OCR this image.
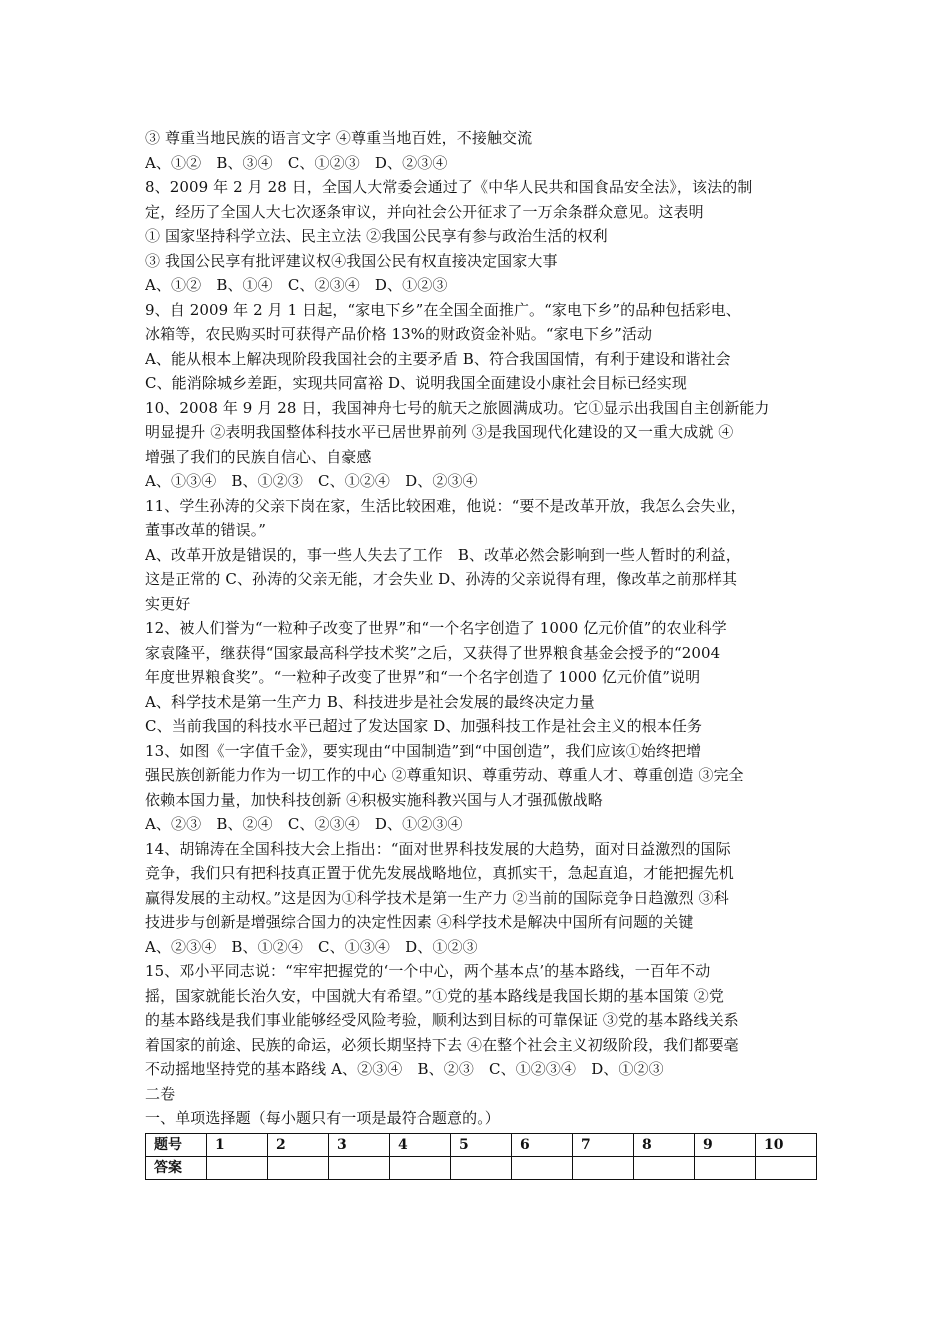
③ 尊重当地民族的语言文字 ④尊重当地百姓，不接触交流
A、①②　B、③④　C、①②③　D、②③④
8、2009 年 2 月 28 日，全国人大常委会通过了《中华人民共和国食品安全法》，该法的制
定，经历了全国人大七次逐条审议，并向社会公开征求了一万余条群众意见。这表明
① 国家坚持科学立法、民主立法 ②我国公民享有参与政治生活的权利
③ 我国公民享有批评建议权④我国公民有权直接决定国家大事
A、①②　B、①④　C、②③④　D、①②③
9、自 2009 年 2 月 1 日起，“家电下乡”在全国全面推广。“家电下乡”的品种包括彩电、
冰箱等，农民购买时可获得产品价格 13%的财政资金补贴。“家电下乡”活动
A、能从根本上解决现阶段我国社会的主要矛盾 B、符合我国国情，有利于建设和谐社会
C、能消除城乡差距，实现共同富裕 D、说明我国全面建设小康社会目标已经实现
10、2008 年 9 月 28 日，我国神舟七号的航天之旅圆满成功。它①显示出我国自主创新能力
明显提升 ②表明我国整体科技水平已居世界前列 ③是我国现代化建设的又一重大成就 ④
增强了我们的民族自信心、自豪感
A、①③④　B、①②③　C、①②④　D、②③④
11、学生孙涛的父亲下岗在家，生活比较困难，他说：“要不是改革开放，我怎么会失业，
董事改革的错误。”
A、改革开放是错误的，事一些人失去了工作　B、改革必然会影响到一些人暂时的利益，
这是正常的 C、孙涛的父亲无能，才会失业 D、孙涛的父亲说得有理，像改革之前那样其
实更好
12、被人们誉为“一粒种子改变了世界”和“一个名字创造了 1000 亿元价值”的农业科学
家袁隆平，继获得“国家最高科学技术奖”之后，又获得了世界粮食基金会授予的“2004
年度世界粮食奖”。“一粒种子改变了世界”和“一个名字创造了 1000 亿元价值”说明
A、科学技术是第一生产力 B、科技进步是社会发展的最终决定力量
C、当前我国的科技水平已超过了发达国家 D、加强科技工作是社会主义的根本任务
13、如图《一字值千金》，要实现由“中国制造”到“中国创造”，我们应该①始终把增
强民族创新能力作为一切工作的中心 ②尊重知识、尊重劳动、尊重人才、尊重创造 ③完全
依赖本国力量，加快科技创新 ④积极实施科教兴国与人才强孤傲战略
A、②③　B、②④　C、②③④　D、①②③④
14、胡锦涛在全国科技大会上指出：“面对世界科技发展的大趋势，面对日益激烈的国际
竞争，我们只有把科技真正置于优先发展战略地位，真抓实干，急起直追，才能把握先机
赢得发展的主动权。”这是因为①科学技术是第一生产力 ②当前的国际竞争日趋激烈 ③科
技进步与创新是增强综合国力的决定性因素 ④科学技术是解决中国所有问题的关键
A、②③④　B、①②④　C、①③④　D、①②③
15、邓小平同志说：“牢牢把握党的‘一个中心，两个基本点’的基本路线，一百年不动
摇，国家就能长治久安，中国就大有希望。”①党的基本路线是我国长期的基本国策 ②党
的基本路线是我们事业能够经受风险考验，顺利达到目标的可靠保证 ③党的基本路线关系
着国家的前途、民族的命运，必须长期坚持下去 ④在整个社会主义初级阶段，我们都要毫
不动摇地坚持党的基本路线 A、②③④　B、②③　C、①②③④　D、①②③
二卷
一、单项选择题（每小题只有一项是最符合题意的。）
题号	1	2	3	4	5	6	7	8	9	10
答案										
